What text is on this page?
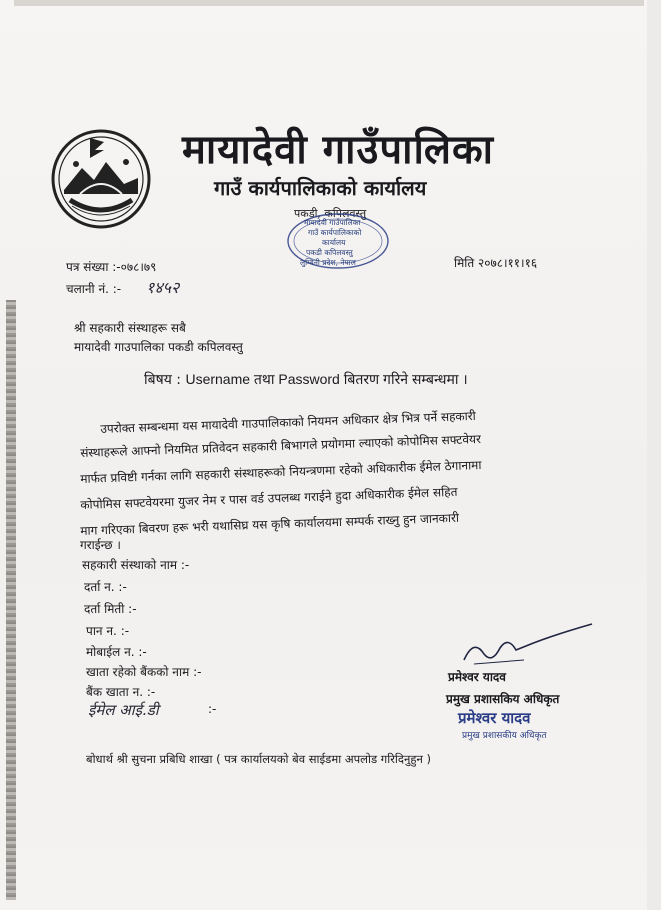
मायादेवी गाउँपालिका
गाउँ कार्यपालिकाको कार्यालय
पकडी, कपिलवस्तु
मायादेवी गाउँपालिका
गाउँ कार्यपालिकाको
कार्यालय
पकडी कपिलवस्तु
लुम्बिनी प्रदेश, नेपाल
पत्र संख्या :-०७८।७९
चलानी नं. :- १४५२
मिति २०७८।११।१६
श्री सहकारी संस्थाहरू सबै
मायादेवी गाउपालिका पकडी कपिलवस्तु
बिषय : Username तथा Password बितरण गरिने सम्बन्धमा ।
उपरोक्त सम्बन्धमा यस मायादेवी गाउपालिकाको नियमन अधिकार क्षेत्र भित्र पर्ने सहकारी
संस्थाहरूले आफ्नो नियमित प्रतिवेदन सहकारी बिभागले प्रयोगमा ल्याएको कोपोमिस सफ्टवेयर
मार्फत प्रविष्टी गर्नका लागि सहकारी संस्थाहरूको नियन्त्रणमा रहेको अधिकारीक ईमेल ठेगानामा
कोपोमिस सफ्टवेयरमा युजर नेम र पास वर्ड उपलब्ध गराईने हुदा अधिकारीक ईमेल सहित
माग गरिएका बिवरण हरू भरी यथासिघ्र यस कृषि कार्यालयमा सम्पर्क राख्नु हुन जानकारी
गराईन्छ ।
सहकारी संस्थाको नाम :-
दर्ता न. :-
दर्ता मिती :-
पान न. :-
मोबाईल न. :-
खाता रहेको बैंकको नाम :-
बैंक खाता न. :-
ईमेल आई.डी	:-
प्रमेश्वर यादव
प्रमुख प्रशासकिय अधिकृत
प्रमेश्वर यादव
प्रमुख प्रशासकीय अधिकृत
बोधार्थ श्री सुचना प्रबिधि शाखा ( पत्र कार्यालयको बेव साईडमा अपलोड गरिदिनुहुन )
